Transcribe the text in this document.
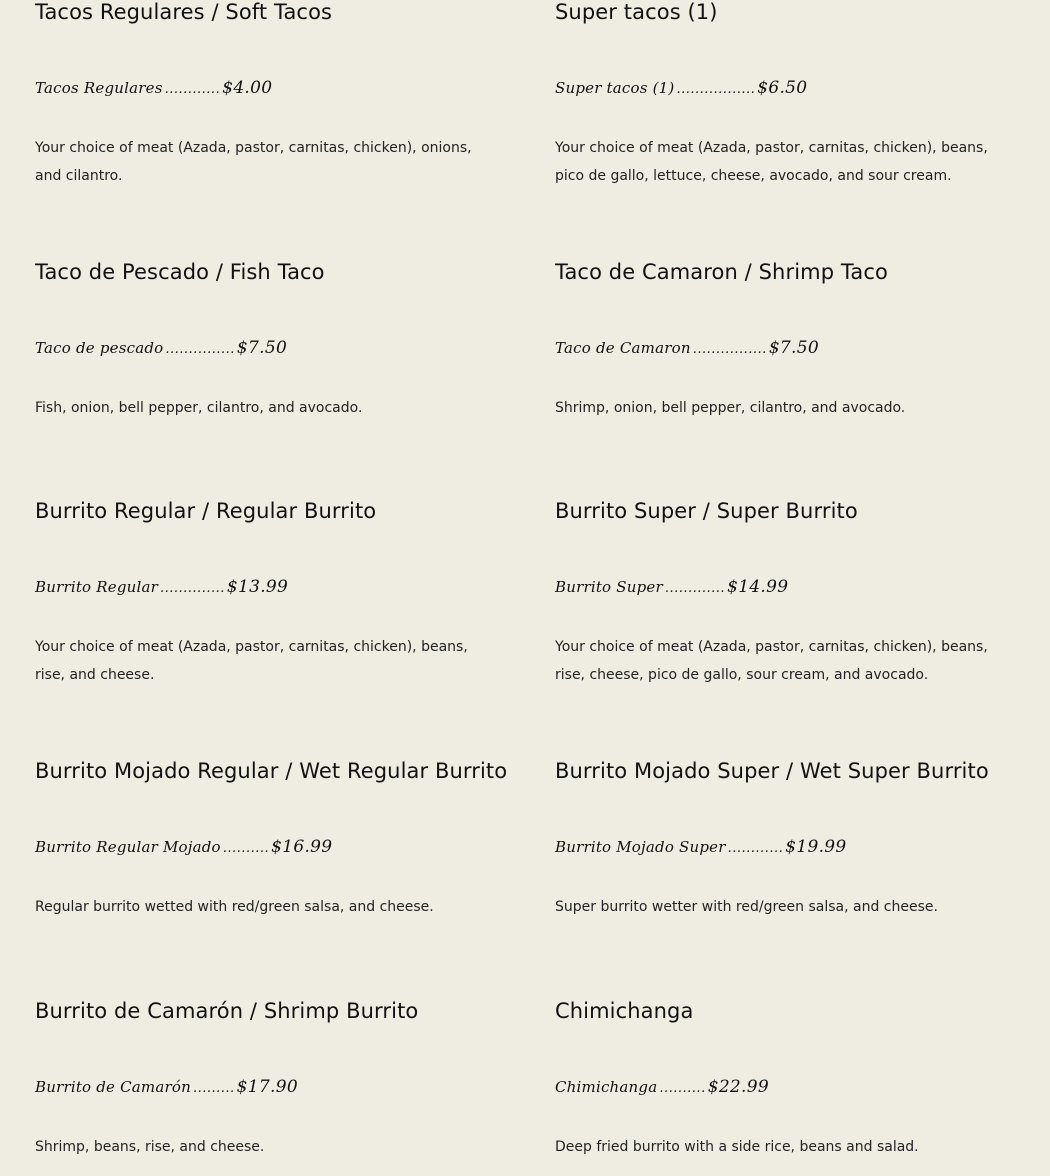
Tacos Regulares / Soft Tacos
Tacos Regulares ............ $4.00

Your choice of meat (Azada, pastor, carnitas, chicken), onions, and cilantro.

Super tacos (1)
Super tacos (1) ................. $6.50

Your choice of meat (Azada, pastor, carnitas, chicken), beans, pico de gallo, lettuce, cheese, avocado, and sour cream.

Taco de Pescado / Fish Taco
Taco de pescado ............... $7.50

Fish, onion, bell pepper, cilantro, and avocado.

Taco de Camaron / Shrimp Taco
Taco de Camaron ................ $7.50

Shrimp, onion, bell pepper, cilantro, and avocado.

Burrito Regular / Regular Burrito
Burrito Regular .............. $13.99

Your choice of meat (Azada, pastor, carnitas, chicken), beans, rise, and cheese.

Burrito Super / Super Burrito
Burrito Super ............. $14.99

Your choice of meat (Azada, pastor, carnitas, chicken), beans, rise, cheese, pico de gallo, sour cream, and avocado.

Burrito Mojado Regular / Wet Regular Burrito
Burrito Regular Mojado .......... $16.99

Regular burrito wetted with red/green salsa, and cheese.

Burrito Mojado Super / Wet Super Burrito
Burrito Mojado Super ............ $19.99

Super burrito wetter with red/green salsa, and cheese.

Burrito de Camarón / Shrimp Burrito
Burrito de Camarón ......... $17.90

Shrimp, beans, rise, and cheese.

Chimichanga
Chimichanga .......... $22.99

Deep fried burrito with a side rice, beans and salad.
